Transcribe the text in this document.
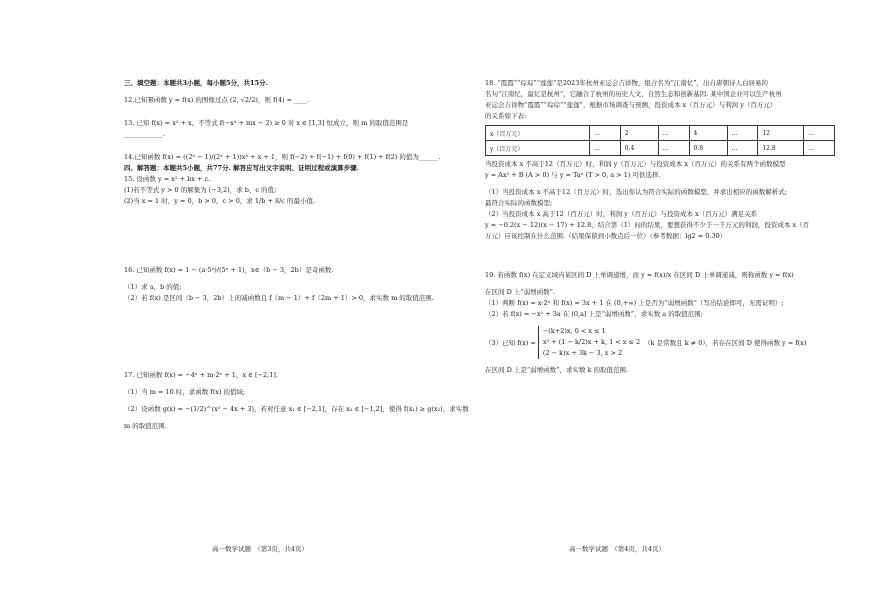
三、填空题：本题共3小题，每小题5分，共15分.
12.已知幂函数 y = f(x) 的图像过点 (2, √2/2)，则 f(4) = ____.
13. 已知 f(x) = x² + x，不等式 f(−x² + mx − 2) ≥ 0 对 x ∈ [1,3] 恒成立，则 m 的取值范围是
____________.
14.已知函数 f(x) = ((2ˣ − 1)/(2ˣ + 1))x³ + x + 1，则 f(−2) + f(−1) + f(0) + f(1) + f(2) 的值为______.
四、解答题：本题共5小题，共77分. 解答应写出文字说明、证明过程或演算步骤.
15. 设函数 y = x² + bx + c.
(1)若不等式 y > 0 的解集为 (−3,2)，求 b、c 的值;
(2)当 x = 1 时，y = 0，b > 0，c > 0，求 1/b + 8/c 的最小值.
16. 已知函数 f(x) = 1 − (a·5ˣ)/(5ˣ + 1)，x∈（b − 3，2b）是奇函数.
（1）求 a，b 的值;
（2）若 f(x) 是区间（b − 3，2b）上的减函数且 f（m − 1）+ f（2m + 1）> 0，求实数 m 的取值范围.
17. 已知函数 f(x) = −4ˣ + m·2ˣ + 1，x ∈ [−2,1].
（1）当 m = 10 时，求函数 f(x) 的值域;
（2）设函数 g(x) = −(1/2)^(x² − 4x + 3)，若对任意 x₁ ∈ [−2,1]，存在 x₂ ∈ [−1,2]，使得 f(x₁) ≥ g(x₂)，求实数
m 的取值范围.
18. “霞霞”“琮琮”“莲莲”是2023年杭州亚运会吉祥物，组合名为“江南忆”，出自唐朝诗人白居易的
名句“江南忆，最忆是杭州”，它融合了杭州的历史人文、自然生态和创新基因. 某中国企业可以生产杭州
亚运会吉祥物“霞霞”“琮琮”“莲莲”，根据市场调查与预测，投资成本 x（百万元）与利润 y（百万元）
的关系如下表:
x（百万元）	…	2	…	4	…	12	…
y（百万元）	…	0.4	…	0.8	…	12.8	…
当投资成本 x 不高于12（百万元）时，利润 y（百万元）与投资成本 x（百万元）的关系有两个函数模型
y = Ax² + B (A > 0) 与 y = Taˣ (T > 0, a > 1) 可供选择.
（1）当投资成本 x 不高于12（百万元）时，选出你认为符合实际的函数模型，并求出相应的函数解析式;
最符合实际的函数模型;
（2）当投资成本 x 高于12（百万元）时，利润 y（百万元）与投资成本 x（百万元）满足关系
y = −0.2(x − 12)(x − 17) + 12.8，结合第（1）问的结果，要想获得不少于一千万元的利润，投资成本 x（百
万元）应该控制在什么范围.（结果保留到小数点后一位）（参考数据：lg2 ≈ 0.30）
19. 若函数 f(x) 在定义域内某区间 D 上单调递增，而 y = f(x)/x 在区间 D 上单调递减，则称函数 y = f(x)
在区间 D 上“弱增函数”.
（1）判断 f(x) = x·2ˣ 和 f(x) = 3x + 1 在 (0,+∞) 上是否为“弱增函数”（写出结论即可，无需证明）;
（2）若 f(x) = −x² + 3a 在 (0,a] 上是“弱增函数”，求实数 a 的取值范围;
（3）已知 f(x) =
−(k+2)x, 0 < x ≤ 1
x² + (1 − k/2)x + k, 1 < x ≤ 2
(2 − k)x + 3k − 3, x > 2
（k 是常数且 k ≠ 0），若存在区间 D 使得函数 y = f(x)
在区间 D 上是“弱增函数”，求实数 k 的取值范围.
高一数学试题　（第3页，共4页）	高一数学试题　（第4页，共4页）
